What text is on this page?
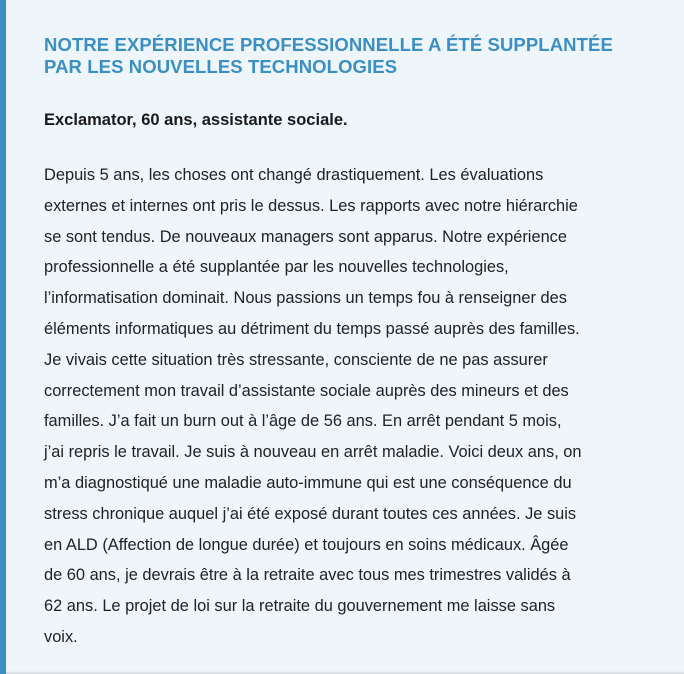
NOTRE EXPÉRIENCE PROFESSIONNELLE A ÉTÉ SUPPLANTÉE
PAR LES NOUVELLES TECHNOLOGIES

Exclamator, 60 ans, assistante sociale.

Depuis 5 ans, les choses ont changé drastiquement. Les évaluations
externes et internes ont pris le dessus. Les rapports avec notre hiérarchie
se sont tendus. De nouveaux managers sont apparus. Notre expérience
professionnelle a été supplantée par les nouvelles technologies,
l’informatisation dominait. Nous passions un temps fou à renseigner des
éléments informatiques au détriment du temps passé auprès des familles.
Je vivais cette situation très stressante, consciente de ne pas assurer
correctement mon travail d’assistante sociale auprès des mineurs et des
familles. J’a fait un burn out à l’âge de 56 ans. En arrêt pendant 5 mois,
j’ai repris le travail. Je suis à nouveau en arrêt maladie. Voici deux ans, on
m’a diagnostiqué une maladie auto-immune qui est une conséquence du
stress chronique auquel j’ai été exposé durant toutes ces années. Je suis
en ALD (Affection de longue durée) et toujours en soins médicaux. Âgée
de 60 ans, je devrais être à la retraite avec tous mes trimestres validés à
62 ans. Le projet de loi sur la retraite du gouvernement me laisse sans
voix.
